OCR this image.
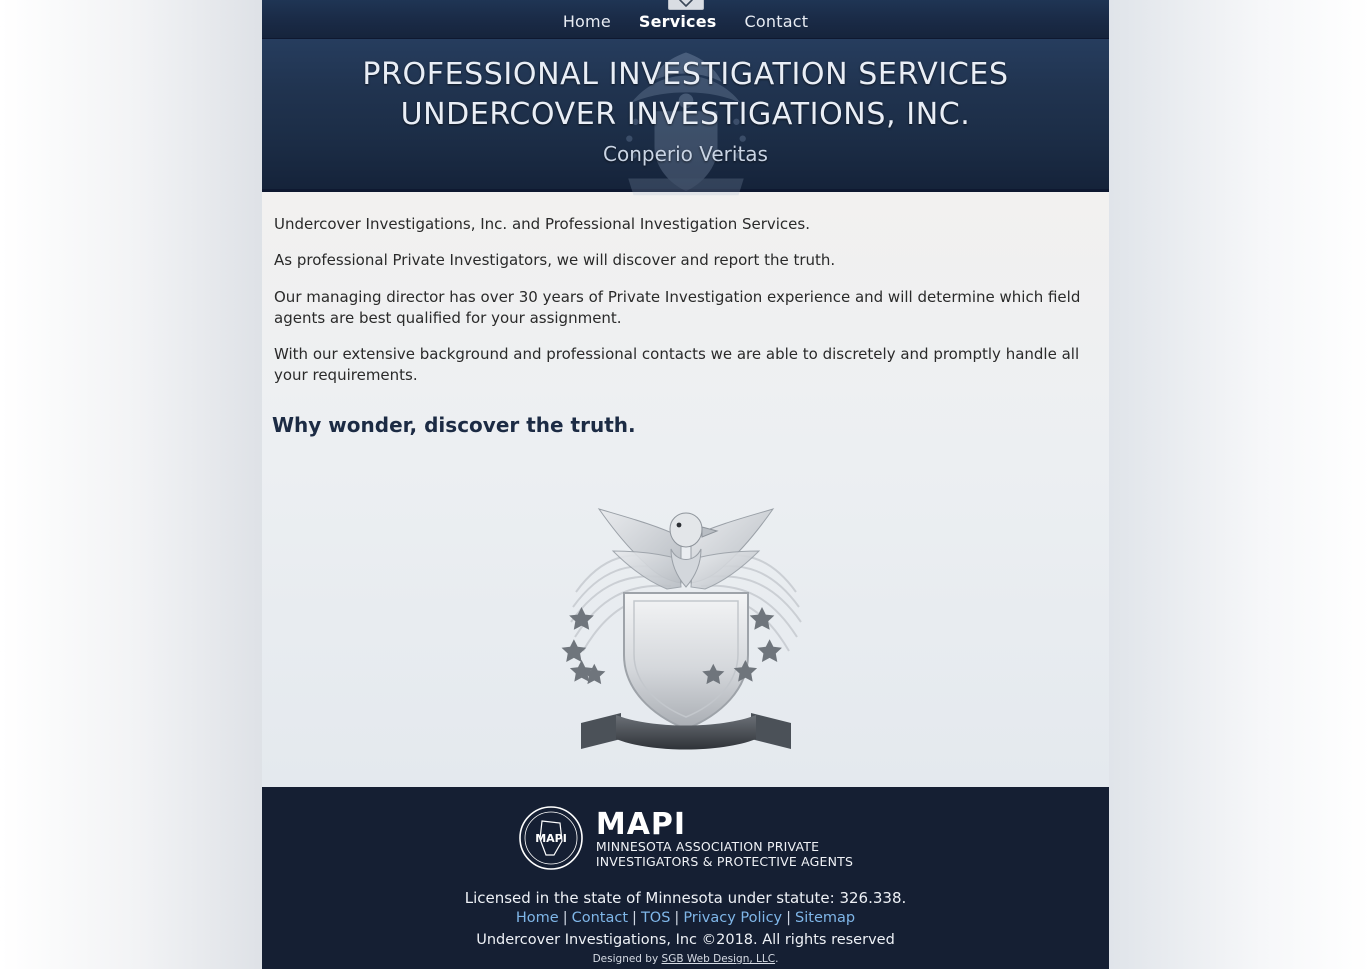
Home Services Contact
PROFESSIONAL INVESTIGATION SERVICES
UNDERCOVER INVESTIGATIONS, INC.
Conperio Veritas

Undercover Investigations, Inc. and Professional Investigation Services.

As professional Private Investigators, we will discover and report the truth.

Our managing director has over 30 years of Private Investigation experience and will determine which field agents are best qualified for your assignment.

With our extensive background and professional contacts we are able to discretely and promptly handle all your requirements.

Why wonder, discover the truth.

MAPI MAPI
MINNESOTA ASSOCIATION PRIVATE
INVESTIGATORS & PROTECTIVE AGENTS
Licensed in the state of Minnesota under statute: 326.338.
Home | Contact | TOS | Privacy Policy | Sitemap
Undercover Investigations, Inc ©2018. All rights reserved
Designed by SGB Web Design, LLC.
